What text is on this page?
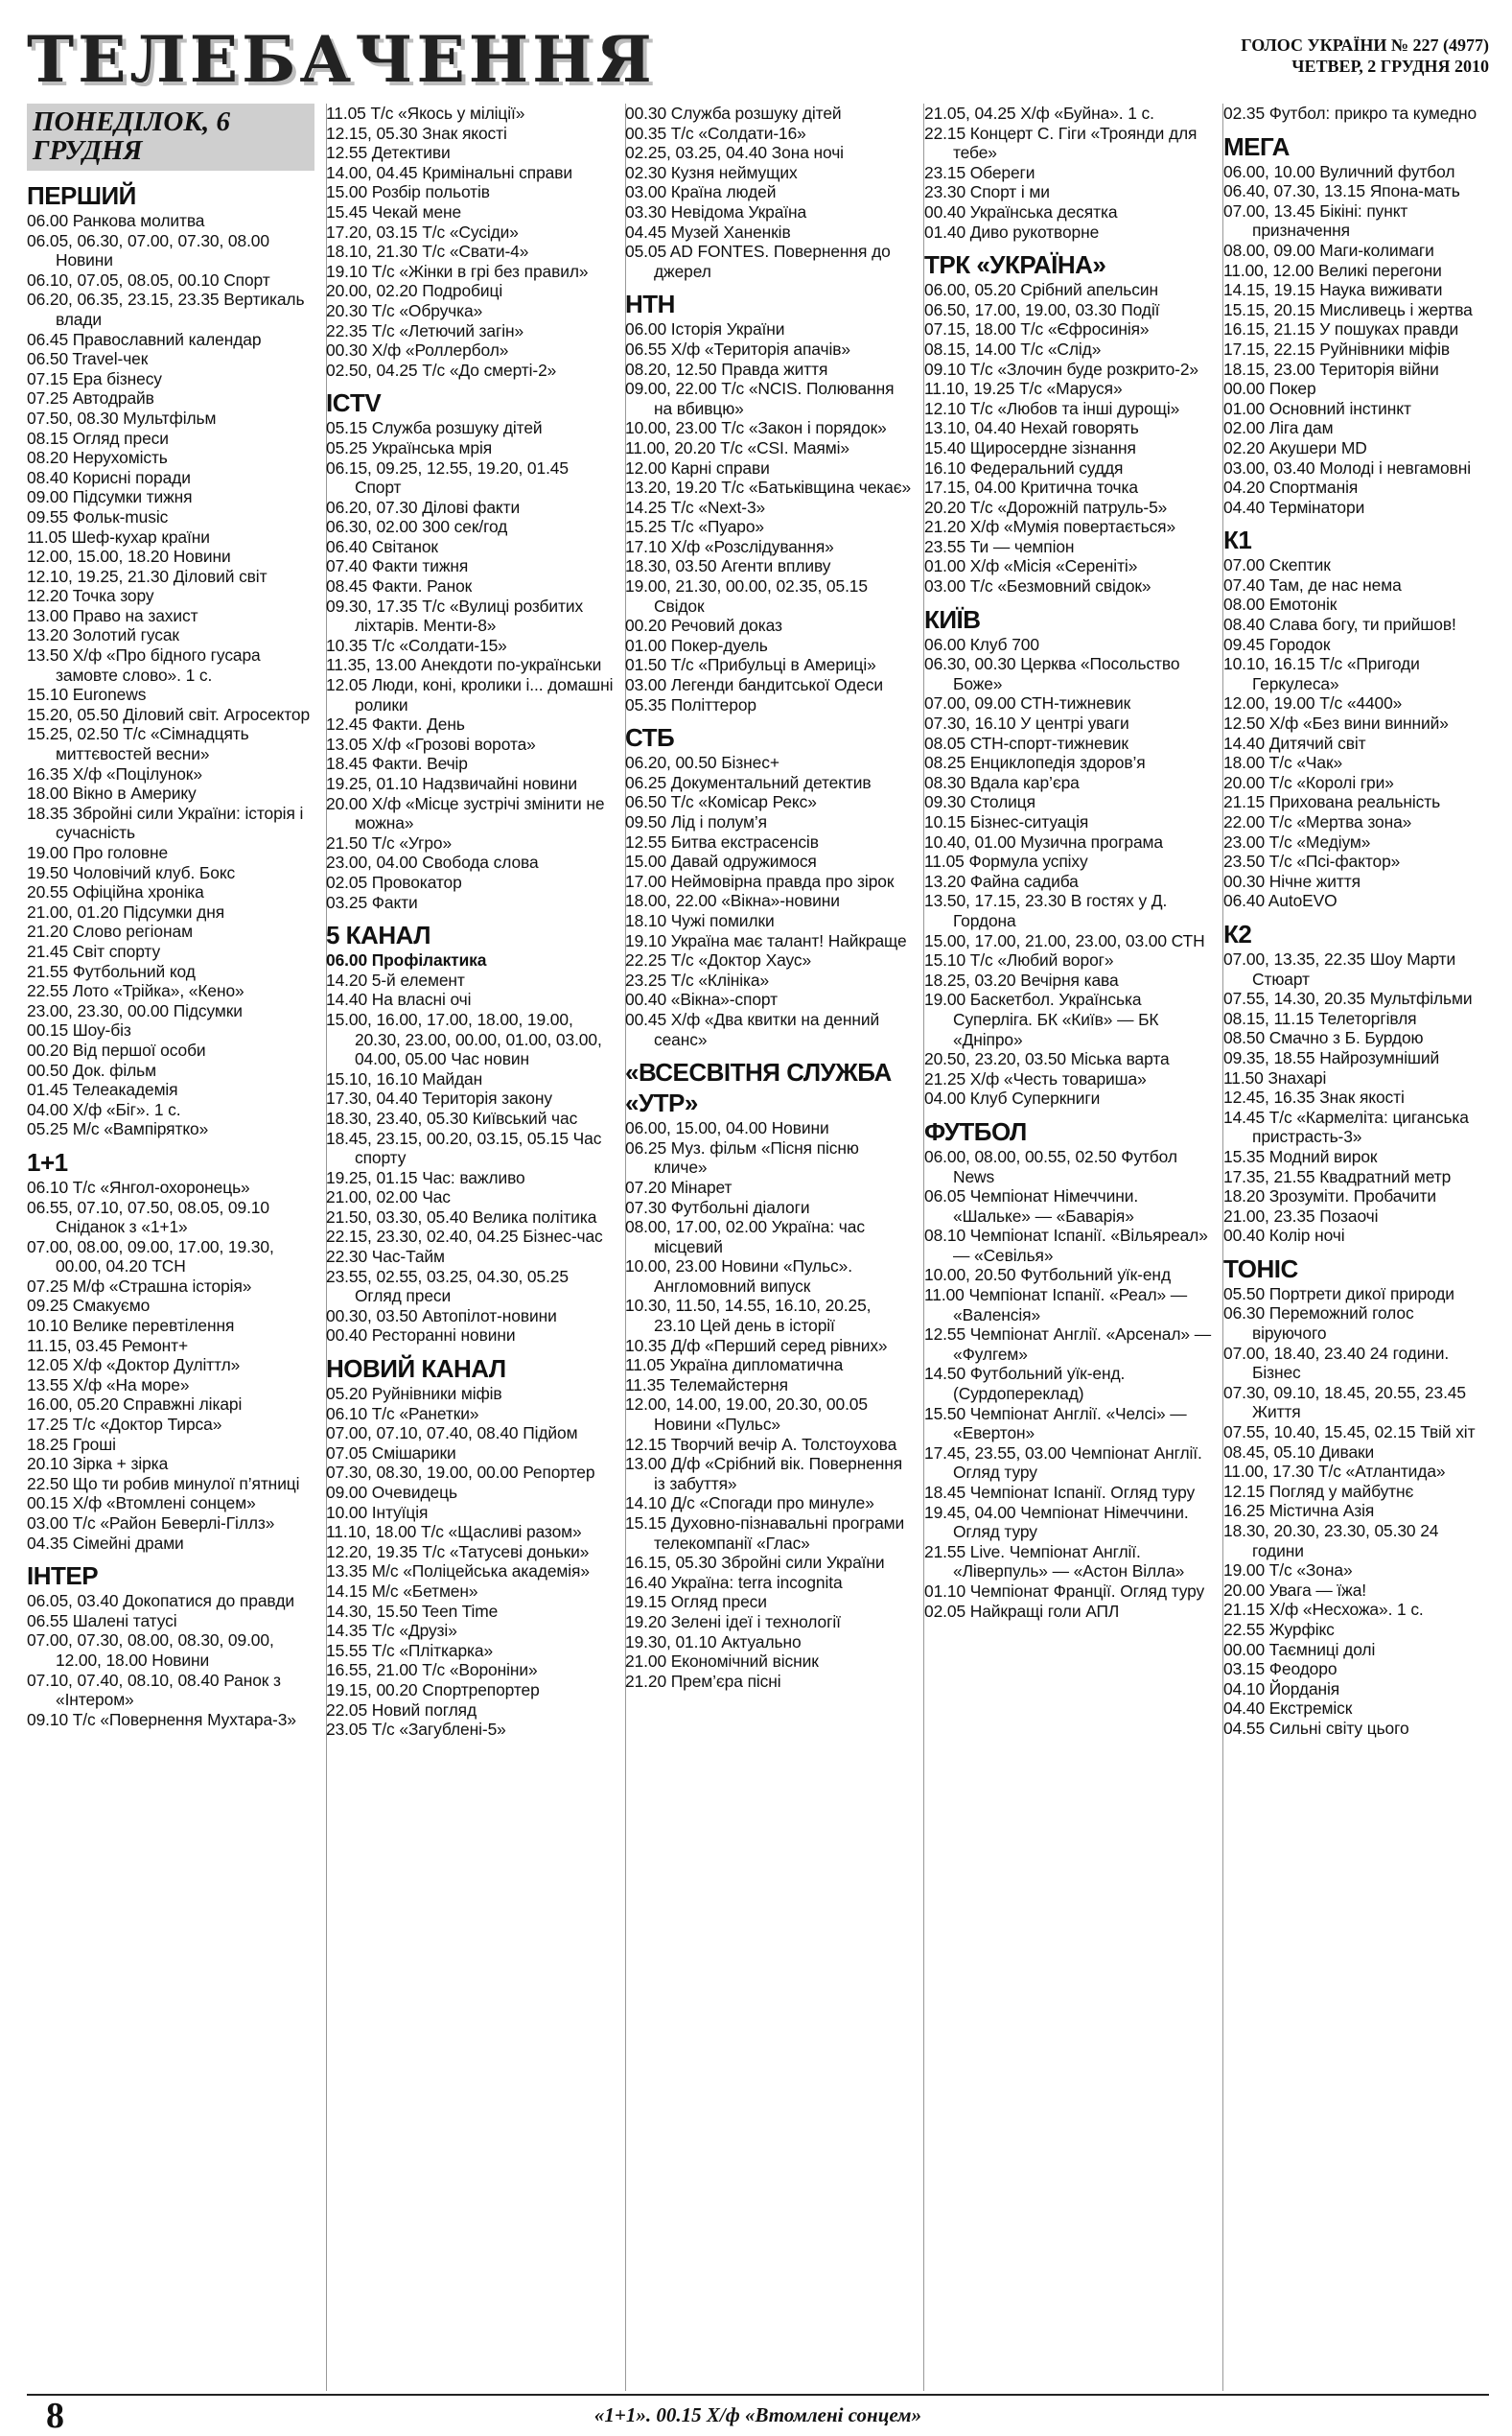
ТЕЛЕБАЧЕННЯ	ГОЛОС УКРАЇНИ № 227 (4977)
ЧЕТВЕР, 2 ГРУДНЯ 2010
ПОНЕДІЛОК, 6 ГРУДНЯ
ПЕРШИЙ
06.00 Ранкова молитва
06.05, 06.30, 07.00, 07.30, 08.00 Новини
06.10, 07.05, 08.05, 00.10 Спорт
06.20, 06.35, 23.15, 23.35 Вертикаль влади
06.45 Православний календар
06.50 Travel-чек
07.15 Ера бізнесу
07.25 Автодрайв
07.50, 08.30 Мультфільм
08.15 Огляд преси
08.20 Нерухомість
08.40 Корисні поради
09.00 Підсумки тижня
09.55 Фольк-music
11.05 Шеф-кухар країни
12.00, 15.00, 18.20 Новини
12.10, 19.25, 21.30 Діловий світ
12.20 Точка зору
13.00 Право на захист
13.20 Золотий гусак
13.50 Х/ф «Про бідного гусара замовте слово». 1 с.
15.10 Euronews
15.20, 05.50 Діловий світ. Агросектор
15.25, 02.50 Т/с «Сімнадцять миттєвостей весни»
16.35 Х/ф «Поцілунок»
18.00 Вікно в Америку
18.35 Збройні сили України: історія і сучасність
19.00 Про головне
19.50 Чоловічий клуб. Бокс
20.55 Офіційна хроніка
21.00, 01.20 Підсумки дня
21.20 Слово регіонам
21.45 Світ спорту
21.55 Футбольний код
22.55 Лото «Трійка», «Кено»
23.00, 23.30, 00.00 Підсумки
00.15 Шоу-біз
00.20 Від першої особи
00.50 Док. фільм
01.45 Телеакадемія
04.00 Х/ф «Біг». 1 с.
05.25 М/с «Вампірятко»
1+1
06.10 Т/с «Янгол-охоронець»
06.55, 07.10, 07.50, 08.05, 09.10 Сніданок з «1+1»
07.00, 08.00, 09.00, 17.00, 19.30, 00.00, 04.20 ТСН
07.25 М/ф «Страшна історія»
09.25 Смакуємо
10.10 Велике перевтілення
11.15, 03.45 Ремонт+
12.05 Х/ф «Доктор Дуліттл»
13.55 Х/ф «На море»
16.00, 05.20 Справжні лікарі
17.25 Т/с «Доктор Тирса»
18.25 Гроші
20.10 Зірка + зірка
22.50 Що ти робив минулої п’ятниці
00.15 Х/ф «Втомлені сонцем»
03.00 Т/с «Район Беверлі-Гіллз»
04.35 Сімейні драми
ІНТЕР
06.05, 03.40 Докопатися до правди
06.55 Шалені татусі
07.00, 07.30, 08.00, 08.30, 09.00, 12.00, 18.00 Новини
07.10, 07.40, 08.10, 08.40 Ранок з «Інтером»
09.10 Т/с «Повернення Мухтара-3»
11.05 Т/с «Якось у міліції»
12.15, 05.30 Знак якості
12.55 Детективи
14.00, 04.45 Кримінальні справи
15.00 Розбір польотів
15.45 Чекай мене
17.20, 03.15 Т/с «Сусіди»
18.10, 21.30 Т/с «Свати-4»
19.10 Т/с «Жінки в грі без правил»
20.00, 02.20 Подробиці
20.30 Т/с «Обручка»
22.35 Т/с «Летючий загін»
00.30 Х/ф «Роллербол»
02.50, 04.25 Т/с «До смерті-2»
ICTV
05.15 Служба розшуку дітей
05.25 Українська мрія
06.15, 09.25, 12.55, 19.20, 01.45 Спорт
06.20, 07.30 Ділові факти
06.30, 02.00 300 сек/год
06.40 Світанок
07.40 Факти тижня
08.45 Факти. Ранок
09.30, 17.35 Т/с «Вулиці розбитих ліхтарів. Менти-8»
10.35 Т/с «Солдати-15»
11.35, 13.00 Анекдоти по-українськи
12.05 Люди, коні, кролики і... домашні ролики
12.45 Факти. День
13.05 Х/ф «Грозові ворота»
18.45 Факти. Вечір
19.25, 01.10 Надзвичайні новини
20.00 Х/ф «Місце зустрічі змінити не можна»
21.50 Т/с «Угро»
23.00, 04.00 Свобода слова
02.05 Провокатор
03.25 Факти
5 КАНАЛ
06.00 Профілактика
14.20 5-й елемент
14.40 На власні очі
15.00, 16.00, 17.00, 18.00, 19.00, 20.30, 23.00, 00.00, 01.00, 03.00, 04.00, 05.00 Час новин
15.10, 16.10 Майдан
17.30, 04.40 Територія закону
18.30, 23.40, 05.30 Київський час
18.45, 23.15, 00.20, 03.15, 05.15 Час спорту
19.25, 01.15 Час: важливо
21.00, 02.00 Час
21.50, 03.30, 05.40 Велика політика
22.15, 23.30, 02.40, 04.25 Бізнес-час
22.30 Час-Тайм
23.55, 02.55, 03.25, 04.30, 05.25 Огляд преси
00.30, 03.50 Автопілот-новини
00.40 Ресторанні новини
НОВИЙ КАНАЛ
05.20 Руйнівники міфів
06.10 Т/с «Ранетки»
07.00, 07.10, 07.40, 08.40 Підйом
07.05 Смішарики
07.30, 08.30, 19.00, 00.00 Репортер
09.00 Очевидець
10.00 Інтуїція
11.10, 18.00 Т/с «Щасливі разом»
12.20, 19.35 Т/с «Татусеві доньки»
13.35 М/с «Поліцейська академія»
14.15 М/с «Бетмен»
14.30, 15.50 Teen Time
14.35 Т/с «Друзі»
15.55 Т/с «Пліткарка»
16.55, 21.00 Т/с «Вороніни»
19.15, 00.20 Спортрепортер
22.05 Новий погляд
23.05 Т/с «Загублені-5»
00.30 Служба розшуку дітей
00.35 Т/с «Солдати-16»
02.25, 03.25, 04.40 Зона ночі
02.30 Кузня неймущих
03.00 Країна людей
03.30 Невідома Україна
04.45 Музей Ханенків
05.05 AD FONTES. Повернення до джерел
НТН
06.00 Історія України
06.55 Х/ф «Територія апачів»
08.20, 12.50 Правда життя
09.00, 22.00 Т/с «NCIS. Полювання на вбивцю»
10.00, 23.00 Т/с «Закон і порядок»
11.00, 20.20 Т/с «CSI. Маямі»
12.00 Карні справи
13.20, 19.20 Т/с «Батьківщина чекає»
14.25 Т/с «Next-3»
15.25 Т/с «Пуаро»
17.10 Х/ф «Розслідування»
18.30, 03.50 Агенти впливу
19.00, 21.30, 00.00, 02.35, 05.15 Свідок
00.20 Речовий доказ
01.00 Покер-дуель
01.50 Т/с «Прибульці в Америці»
03.00 Легенди бандитської Одеси
05.35 Політтерор
СТБ
06.20, 00.50 Бізнес+
06.25 Документальний детектив
06.50 Т/с «Комісар Рекс»
09.50 Лід і полум’я
12.55 Битва екстрасенсів
15.00 Давай одружимося
17.00 Неймовірна правда про зірок
18.00, 22.00 «Вікна»-новини
18.10 Чужі помилки
19.10 Україна має талант! Найкраще
22.25 Т/с «Доктор Хаус»
23.25 Т/с «Клініка»
00.40 «Вікна»-спорт
00.45 Х/ф «Два квитки на денний сеанс»
«ВСЕСВІТНЯ СЛУЖБА «УТР»
06.00, 15.00, 04.00 Новини
06.25 Муз. фільм «Пісня пісню кличе»
07.20 Мінарет
07.30 Футбольні діалоги
08.00, 17.00, 02.00 Україна: час місцевий
10.00, 23.00 Новини «Пульс». Англомовний випуск
10.30, 11.50, 14.55, 16.10, 20.25, 23.10 Цей день в історії
10.35 Д/ф «Перший серед рівних»
11.05 Україна дипломатична
11.35 Телемайстерня
12.00, 14.00, 19.00, 20.30, 00.05 Новини «Пульс»
12.15 Творчий вечір А. Толстоухова
13.00 Д/ф «Срібний вік. Повернення із забуття»
14.10 Д/с «Спогади про минуле»
15.15 Духовно-пізнавальні програми телекомпанії «Глас»
16.15, 05.30 Збройні сили України
16.40 Україна: terra incognita
19.15 Огляд преси
19.20 Зелені ідеї і технології
19.30, 01.10 Актуально
21.00 Економічний вісник
21.20 Прем’єра пісні
21.05, 04.25 Х/ф «Буйна». 1 с.
22.15 Концерт С. Гіги «Троянди для тебе»
23.15 Обереги
23.30 Спорт і ми
00.40 Українська десятка
01.40 Диво рукотворне
ТРК «УКРАЇНА»
06.00, 05.20 Срібний апельсин
06.50, 17.00, 19.00, 03.30 Події
07.15, 18.00 Т/с «Єфросинія»
08.15, 14.00 Т/с «Слід»
09.10 Т/с «Злочин буде розкрито-2»
11.10, 19.25 Т/с «Маруся»
12.10 Т/с «Любов та інші дурощі»
13.10, 04.40 Нехай говорять
15.40 Щиросердне зізнання
16.10 Федеральний суддя
17.15, 04.00 Критична точка
20.20 Т/с «Дорожній патруль-5»
21.20 Х/ф «Мумія повертається»
23.55 Ти — чемпіон
01.00 Х/ф «Місія «Сереніті»
03.00 Т/с «Безмовний свідок»
КИЇВ
06.00 Клуб 700
06.30, 00.30 Церква «Посольство Боже»
07.00, 09.00 СТН-тижневик
07.30, 16.10 У центрі уваги
08.05 СТН-спорт-тижневик
08.25 Енциклопедія здоров’я
08.30 Вдала кар’єра
09.30 Столиця
10.15 Бізнес-ситуація
10.40, 01.00 Музична програма
11.05 Формула успіху
13.20 Файна садиба
13.50, 17.15, 23.30 В гостях у Д. Гордона
15.00, 17.00, 21.00, 23.00, 03.00 СТН
15.10 Т/с «Любий ворог»
18.25, 03.20 Вечірня кава
19.00 Баскетбол. Українська Суперліга. БК «Київ» — БК «Дніпро»
20.50, 23.20, 03.50 Міська варта
21.25 Х/ф «Честь товариша»
04.00 Клуб Суперкниги
ФУТБОЛ
06.00, 08.00, 00.55, 02.50 Футбол News
06.05 Чемпіонат Німеччини. «Шальке» — «Баварія»
08.10 Чемпіонат Іспанії. «Вільяреал» — «Севілья»
10.00, 20.50 Футбольний уїк-енд
11.00 Чемпіонат Іспанії. «Реал» — «Валенсія»
12.55 Чемпіонат Англії. «Арсенал» — «Фулгем»
14.50 Футбольний уїк-енд. (Сурдопереклад)
15.50 Чемпіонат Англії. «Челсі» — «Евертон»
17.45, 23.55, 03.00 Чемпіонат Англії. Огляд туру
18.45 Чемпіонат Іспанії. Огляд туру
19.45, 04.00 Чемпіонат Німеччини. Огляд туру
21.55 Live. Чемпіонат Англії. «Ліверпуль» — «Астон Вілла»
01.10 Чемпіонат Франції. Огляд туру
02.05 Найкращі голи АПЛ
02.35 Футбол: прикро та кумедно
МЕГА
06.00, 10.00 Вуличний футбол
06.40, 07.30, 13.15 Япона-мать
07.00, 13.45 Бікіні: пункт призначення
08.00, 09.00 Маги-колимаги
11.00, 12.00 Великі перегони
14.15, 19.15 Наука виживати
15.15, 20.15 Мисливець і жертва
16.15, 21.15 У пошуках правди
17.15, 22.15 Руйнівники міфів
18.15, 23.00 Територія війни
00.00 Покер
01.00 Основний інстинкт
02.00 Ліга дам
02.20 Акушери MD
03.00, 03.40 Молоді і невгамовні
04.20 Спортманія
04.40 Термінатори
К1
07.00 Скептик
07.40 Там, де нас нема
08.00 Емотонік
08.40 Слава богу, ти прийшов!
09.45 Городок
10.10, 16.15 Т/с «Пригоди Геркулеса»
12.00, 19.00 Т/с «4400»
12.50 Х/ф «Без вини винний»
14.40 Дитячий світ
18.00 Т/с «Чак»
20.00 Т/с «Королі гри»
21.15 Прихована реальність
22.00 Т/с «Мертва зона»
23.00 Т/с «Медіум»
23.50 Т/с «Псі-фактор»
00.30 Нічне життя
06.40 AutoEVO
К2
07.00, 13.35, 22.35 Шоу Марти Стюарт
07.55, 14.30, 20.35 Мультфільми
08.15, 11.15 Телеторгівля
08.50 Смачно з Б. Бурдою
09.35, 18.55 Найрозумніший
11.50 Знахарі
12.45, 16.35 Знак якості
14.45 Т/с «Кармеліта: циганська пристрасть-3»
15.35 Модний вирок
17.35, 21.55 Квадратний метр
18.20 Зрозуміти. Пробачити
21.00, 23.35 Позаочі
00.40 Колір ночі
ТОНІС
05.50 Портрети дикої природи
06.30 Переможний голос віруючого
07.00, 18.40, 23.40 24 години. Бізнес
07.30, 09.10, 18.45, 20.55, 23.45 Життя
07.55, 10.40, 15.45, 02.15 Твій хіт
08.45, 05.10 Диваки
11.00, 17.30 Т/с «Атлантида»
12.15 Погляд у майбутнє
16.25 Містична Азія
18.30, 20.30, 23.30, 05.30 24 години
19.00 Т/с «Зона»
20.00 Увага — їжа!
21.15 Х/ф «Несхожа». 1 с.
22.55 Журфікс
00.00 Таємниці долі
03.15 Феодоро
04.10 Йорданія
04.40 Екстреміск
04.55 Сильні світу цього
8	«1+1». 00.15 Х/ф «Втомлені сонцем»
